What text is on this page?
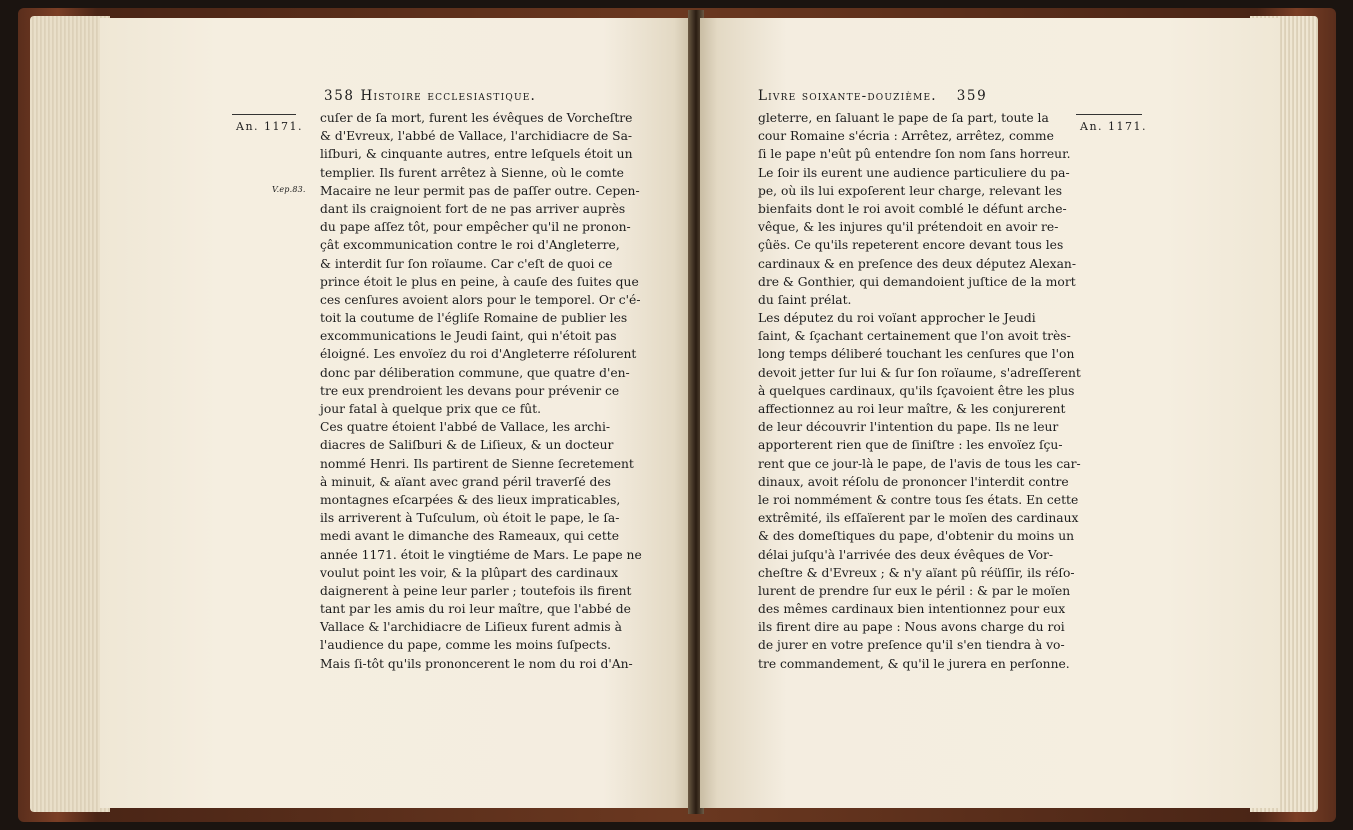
358 Histoire ecclesiastique.
An. 1171.
V.ep.83.
cuſer de ſa mort, furent les évêques de Vorcheſtre
& d'Evreux, l'abbé de Vallace, l'archidiacre de Sa-
liſburi, & cinquante autres, entre leſquels étoit un
templier. Ils furent arrêtez à Sienne, où le comte
Macaire ne leur permit pas de paſſer outre. Cepen-
dant ils craignoient fort de ne pas arriver auprès
du pape aſſez tôt, pour empêcher qu'il ne pronon-
çât excommunication contre le roi d'Angleterre,
& interdit ſur ſon roïaume. Car c'eſt de quoi ce
prince étoit le plus en peine, à cauſe des ſuites que
ces cenſures avoient alors pour le temporel. Or c'é-
toit la coutume de l'égliſe Romaine de publier les
excommunications le Jeudi ſaint, qui n'étoit pas
éloigné. Les envoïez du roi d'Angleterre réſolurent
donc par déliberation commune, que quatre d'en-
tre eux prendroient les devans pour prévenir ce
jour fatal à quelque prix que ce fût.
Ces quatre étoient l'abbé de Vallace, les archi-
diacres de Saliſburi & de Liſieux, & un docteur
nommé Henri. Ils partirent de Sienne ſecretement
à minuit, & aïant avec grand péril traverſé des
montagnes eſcarpées & des lieux impraticables,
ils arriverent à Tuſculum, où étoit le pape, le ſa-
medi avant le dimanche des Rameaux, qui cette
année 1171. étoit le vingtiéme de Mars. Le pape ne
voulut point les voir, & la plûpart des cardinaux
daignerent à peine leur parler ; toutefois ils firent
tant par les amis du roi leur maître, que l'abbé de
Vallace & l'archidiacre de Liſieux furent admis à
l'audience du pape, comme les moins ſuſpects.
Mais ſi-tôt qu'ils prononcerent le nom du roi d'An-
Livre soixante-douzième. 359
An. 1171.
gleterre, en ſaluant le pape de ſa part, toute la
cour Romaine s'écria : Arrêtez, arrêtez, comme
ſi le pape n'eût pû entendre ſon nom ſans horreur.
Le ſoir ils eurent une audience particuliere du pa-
pe, où ils lui expoſerent leur charge, relevant les
bienfaits dont le roi avoit comblé le défunt arche-
vêque, & les injures qu'il prétendoit en avoir re-
çûës. Ce qu'ils repeterent encore devant tous les
cardinaux & en preſence des deux députez Alexan-
dre & Gonthier, qui demandoient juſtice de la mort
du ſaint prélat.
Les députez du roi voïant approcher le Jeudi
ſaint, & ſçachant certainement que l'on avoit très-
long temps déliberé touchant les cenſures que l'on
devoit jetter ſur lui & ſur ſon roïaume, s'adreſſerent
à quelques cardinaux, qu'ils ſçavoient être les plus
affectionnez au roi leur maître, & les conjurerent
de leur découvrir l'intention du pape. Ils ne leur
apporterent rien que de ſiniſtre : les envoïez ſçu-
rent que ce jour-là le pape, de l'avis de tous les car-
dinaux, avoit réſolu de prononcer l'interdit contre
le roi nommément & contre tous ſes états. En cette
extrêmité, ils eſſaïerent par le moïen des cardinaux
& des domeſtiques du pape, d'obtenir du moins un
délai juſqu'à l'arrivée des deux évêques de Vor-
cheſtre & d'Evreux ; & n'y aïant pû réüſſir, ils réſo-
lurent de prendre ſur eux le péril : & par le moïen
des mêmes cardinaux bien intentionnez pour eux
ils firent dire au pape : Nous avons charge du roi
de jurer en votre preſence qu'il s'en tiendra à vo-
tre commandement, & qu'il le jurera en perſonne.
